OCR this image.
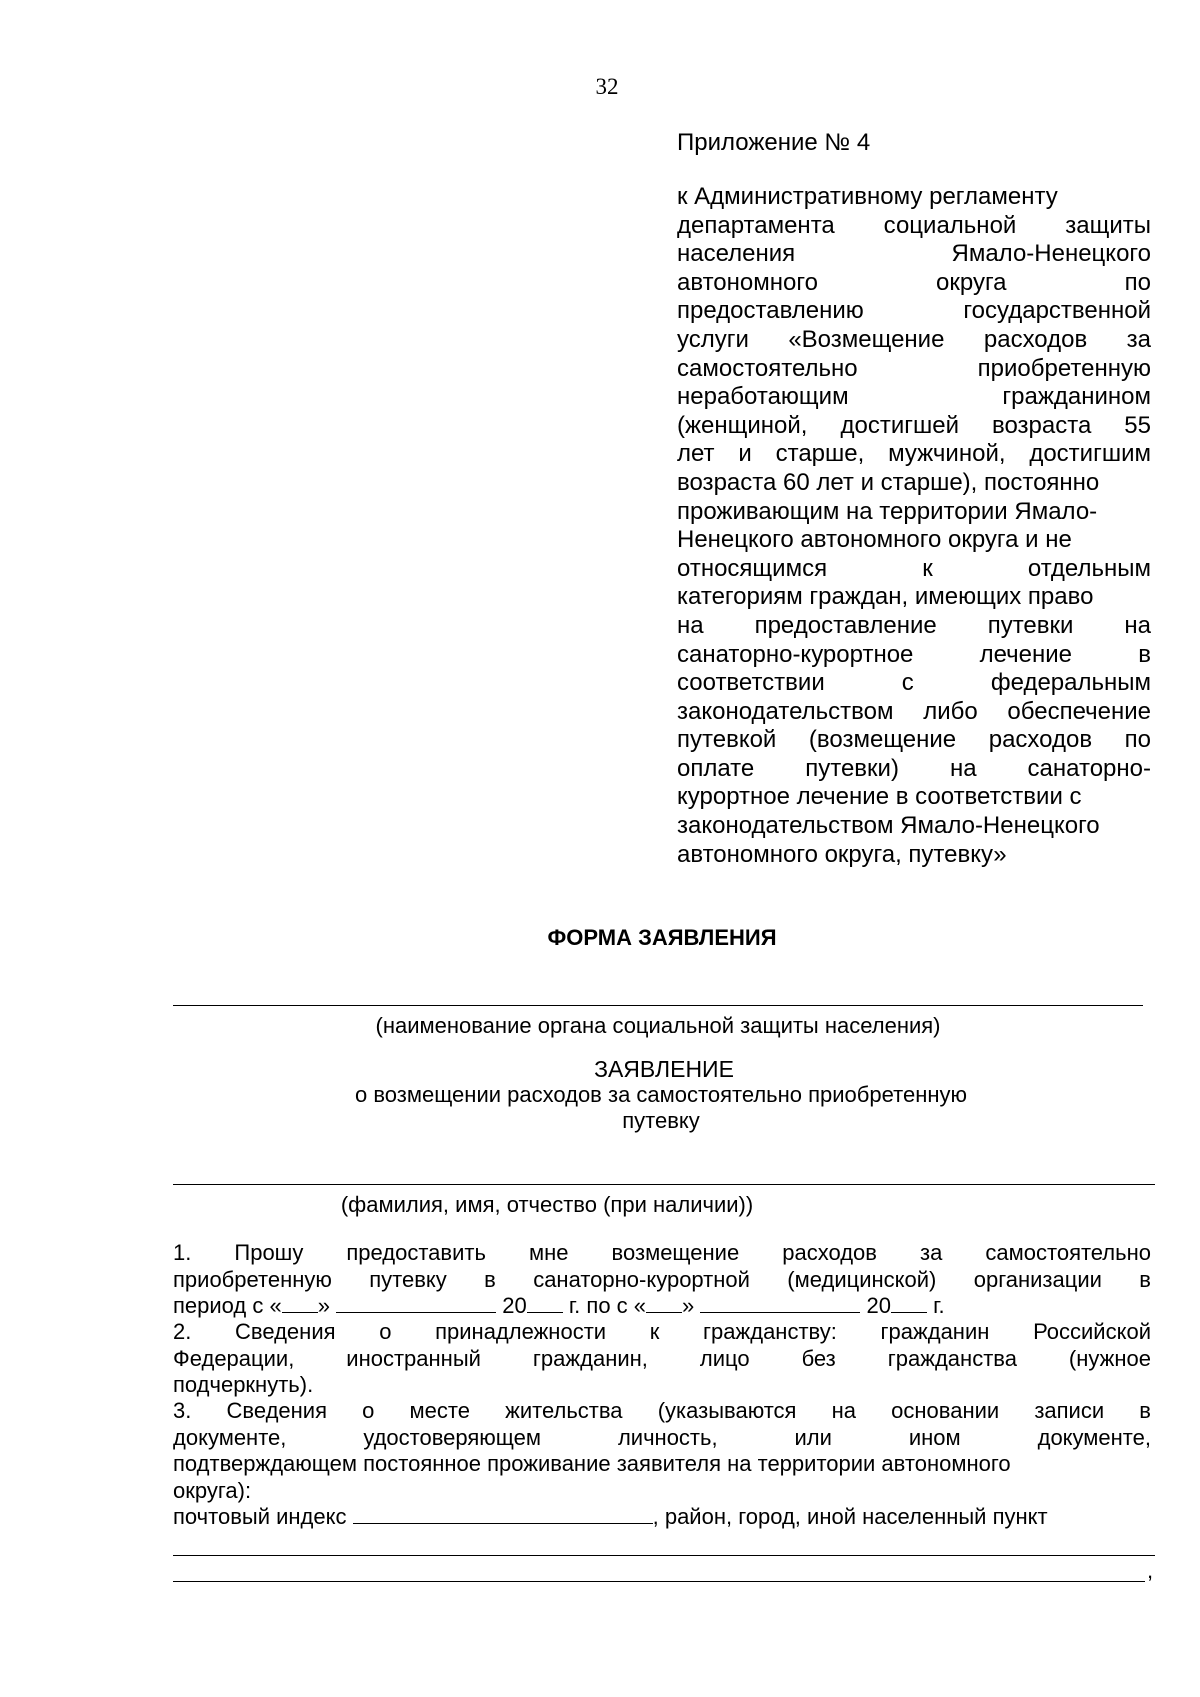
32
Приложение № 4
к Административному регламенту
департамента социальной защиты
населения Ямало-Ненецкого
автономного округа по
предоставлению государственной
услуги «Возмещение расходов за
самостоятельно приобретенную
неработающим гражданином
(женщиной, достигшей возраста 55
лет и старше, мужчиной, достигшим
возраста 60 лет и старше), постоянно
проживающим на территории Ямало-
Ненецкого автономного округа и не
относящимся к отдельным
категориям граждан, имеющих право
на предоставление путевки на
санаторно-курортное лечение в
соответствии с федеральным
законодательством либо обеспечение
путевкой (возмещение расходов по
оплате путевки) на санаторно-
курортное лечение в соответствии с
законодательством Ямало-Ненецкого
автономного округа, путевку»
ФОРМА ЗАЯВЛЕНИЯ
(наименование органа социальной защиты населения)
ЗАЯВЛЕНИЕ
о возмещении расходов за самостоятельно приобретенную
путевку
(фамилия, имя, отчество (при наличии))
1. Прошу предоставить мне возмещение расходов за самостоятельно
приобретенную путевку в санаторно-курортной (медицинской) организации в
период с « »	20 г. по с « »	20 г.
2. Сведения о принадлежности к гражданству: гражданин Российской
Федерации, иностранный гражданин, лицо без гражданства (нужное
подчеркнуть).
3. Сведения о месте жительства (указываются на основании записи в
документе, удостоверяющем личность, или ином документе,
подтверждающем постоянное проживание заявителя на территории автономного
округа):
почтовый индекс	, район, город, иной населенный пункт
,
